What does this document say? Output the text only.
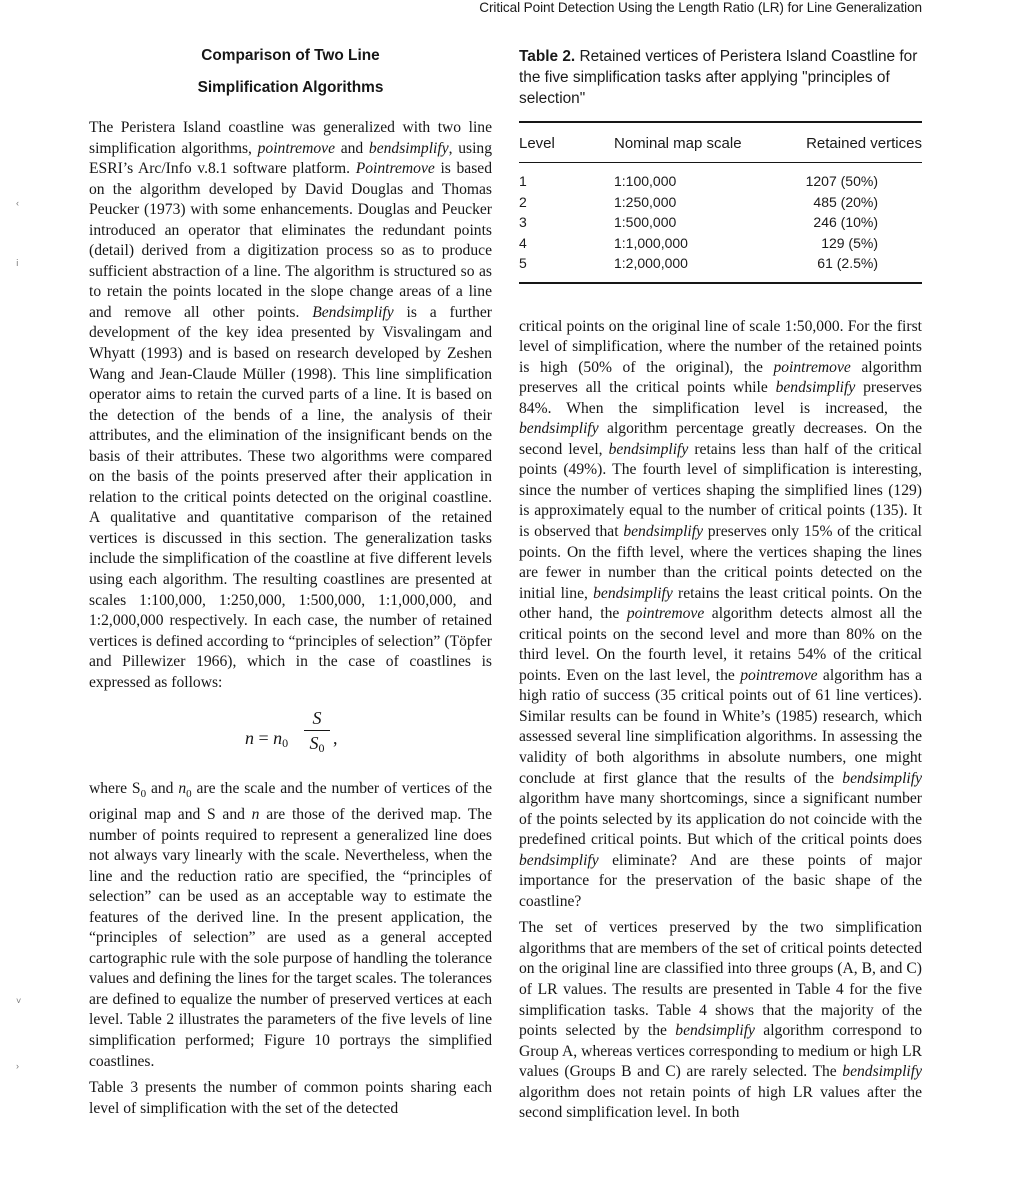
Critical Point Detection Using the Length Ratio (LR) for Line Generalization
‹
ⅰ
˅
›
Comparison of Two Line
Simplification Algorithms

The Peristera Island coastline was generalized with two line simplification algorithms, pointremove and bendsimplify, using ESRI’s Arc/Info v.8.1 software platform. Pointremove is based on the algorithm developed by David Douglas and Thomas Peucker (1973) with some enhancements. Douglas and Peucker introduced an operator that eliminates the redundant points (detail) derived from a digitization process so as to produce sufficient abstraction of a line. The algorithm is structured so as to retain the points located in the slope change areas of a line and remove all other points. Bendsimplify is a further development of the key idea presented by Visvalingam and Whyatt (1993) and is based on research developed by Zeshen Wang and Jean-Claude Müller (1998). This line simplification operator aims to retain the curved parts of a line. It is based on the detection of the bends of a line, the analysis of their attributes, and the elimination of the insignificant bends on the basis of their attributes. These two algorithms were compared on the basis of the points preserved after their application in relation to the critical points detected on the original coastline. A qualitative and quantitative comparison of the retained vertices is discussed in this section. The generalization tasks include the simplification of the coastline at five different levels using each algorithm. The resulting coastlines are presented at scales 1:100,000, 1:250,000, 1:500,000, 1:1,000,000, and 1:2,000,000 respectively. In each case, the number of retained vertices is defined according to “principles of selection” (Töpfer and Pillewizer 1966), which in the case of coastlines is expressed as follows:

$n = n_0$
S
$S_0$ ,

where $S_0$ and $n_0$ are the scale and the number of vertices of the original map and S and n are those of the derived map. The number of points required to represent a generalized line does not always vary linearly with the scale. Nevertheless, when the line and the reduction ratio are specified, the “principles of selection” can be used as an acceptable way to estimate the features of the derived line. In the present application, the “principles of selection” are used as a general accepted cartographic rule with the sole purpose of handling the tolerance values and defining the lines for the target scales. The tolerances are defined to equalize the number of preserved vertices at each level. Table 2 illustrates the parameters of the five levels of line simplification performed; Figure 10 portrays the simplified coastlines.

Table 3 presents the number of common points sharing each level of simplification with the set of the detected

Table 2. Retained vertices of Peristera Island Coastline for the five simplification tasks after applying "principles of selection"
Level	Nominal map scale	Retained vertices
1	1:100,000	1207 (50%)
2	1:250,000	485 (20%)
3	1:500,000	246 (10%)
4	1:1,000,000	129 (5%)
5	1:2,000,000	61 (2.5%)

critical points on the original line of scale 1:50,000. For the first level of simplification, where the number of the retained points is high (50% of the original), the pointremove algorithm preserves all the critical points while bendsimplify preserves 84%. When the simplification level is increased, the bendsimplify algorithm percentage greatly decreases. On the second level, bendsimplify retains less than half of the critical points (49%). The fourth level of simplification is interesting, since the number of vertices shaping the simplified lines (129) is approximately equal to the number of critical points (135). It is observed that bendsimplify preserves only 15% of the critical points. On the fifth level, where the vertices shaping the lines are fewer in number than the critical points detected on the initial line, bendsimplify retains the least critical points. On the other hand, the pointremove algorithm detects almost all the critical points on the second level and more than 80% on the third level. On the fourth level, it retains 54% of the critical points. Even on the last level, the pointremove algorithm has a high ratio of success (35 critical points out of 61 line vertices). Similar results can be found in White’s (1985) research, which assessed several line simplification algorithms. In assessing the validity of both algorithms in absolute numbers, one might conclude at first glance that the results of the bendsimplify algorithm have many shortcomings, since a significant number of the points selected by its application do not coincide with the predefined critical points. But which of the critical points does bendsimplify eliminate? And are these points of major importance for the preservation of the basic shape of the coastline?

The set of vertices preserved by the two simplification algorithms that are members of the set of critical points detected on the original line are classified into three groups (A, B, and C) of LR values. The results are presented in Table 4 for the five simplification tasks. Table 4 shows that the majority of the points selected by the bendsimplify algorithm correspond to Group A, whereas vertices corresponding to medium or high LR values (Groups B and C) are rarely selected. The bendsimplify algorithm does not retain points of high LR values after the second simplification level. In both
